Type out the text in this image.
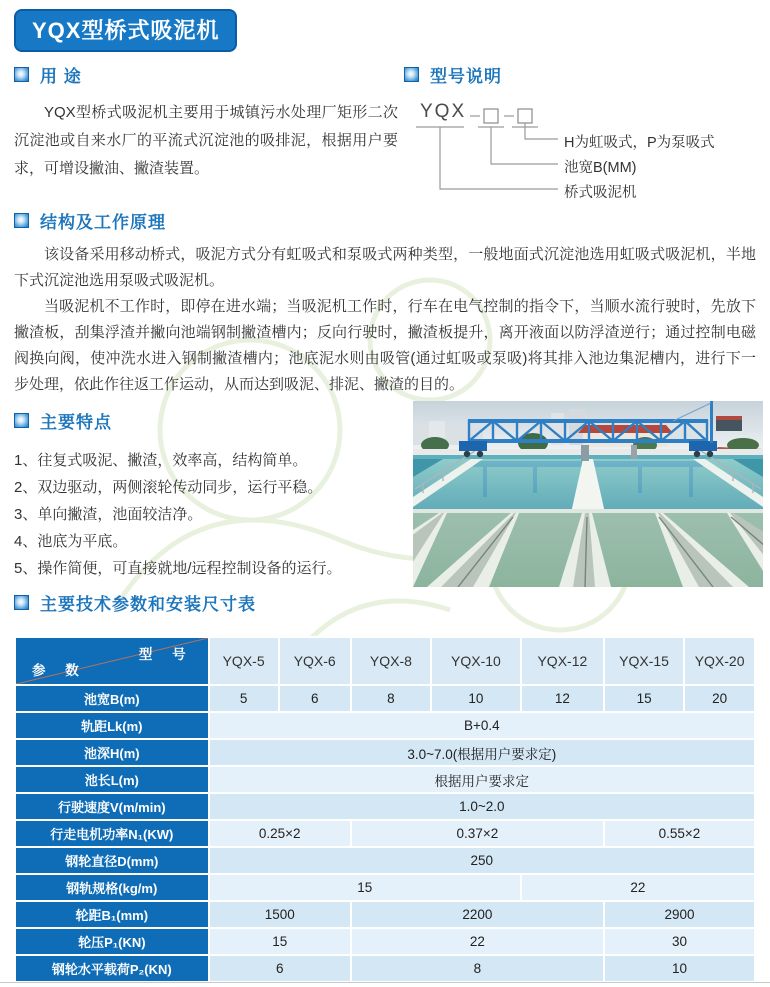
YQX型桥式吸泥机
用 途

YQX型桥式吸泥机主要用于城镇污水处理厂矩形二次沉淀池或自来水厂的平流式沉淀池的吸排泥，根据用户要求，可增设撇油、撇渣装置。

型号说明
YQX
H为虹吸式，P为泵吸式
池宽B(MM)
桥式吸泥机
结构及工作原理

该设备采用移动桥式，吸泥方式分有虹吸式和泵吸式两种类型，一般地面式沉淀池选用虹吸式吸泥机，半地下式沉淀池选用泵吸式吸泥机。

当吸泥机不工作时，即停在进水端；当吸泥机工作时，行车在电气控制的指令下，当顺水流行驶时，先放下撇渣板，刮集浮渣并撇向池端钢制撇渣槽内；反向行驶时，撇渣板提升，离开液面以防浮渣逆行；通过控制电磁阀换向阀，使冲洗水进入钢制撇渣槽内；池底泥水则由吸管(通过虹吸或泵吸)将其排入池边集泥槽内，进行下一步处理，依此作往返工作运动，从而达到吸泥、排泥、撇渣的目的。

主要特点
1、往复式吸泥、撇渣，效率高，结构简单。
2、双边驱动，两侧滚轮传动同步，运行平稳。
3、单向撇渣，池面较洁净。
4、池底为平底。
5、操作简便，可直接就地/远程控制设备的运行。
主要技术参数和安装尺寸表
型 号
参 数	YQX-5	YQX-6	YQX-8	YQX-10	YQX-12	YQX-15	YQX-20
池宽B(m)	5	6	8	10	12	15	20
轨距Lk(m)	B+0.4						
池深H(m)	3.0~7.0(根据用户要求定)						
池长L(m)	根据用户要求定						
行驶速度V(m/min)	1.0~2.0						
行走电机功率N₁(KW)	0.25×2		0.37×2			0.55×2	
钢轮直径D(mm)	250						
钢轨规格(kg/m)	15				22		
轮距B₁(mm)	1500		2200			2900	
轮压P₁(KN)	15		22			30	
钢轮水平载荷P₂(KN)	6		8			10	
